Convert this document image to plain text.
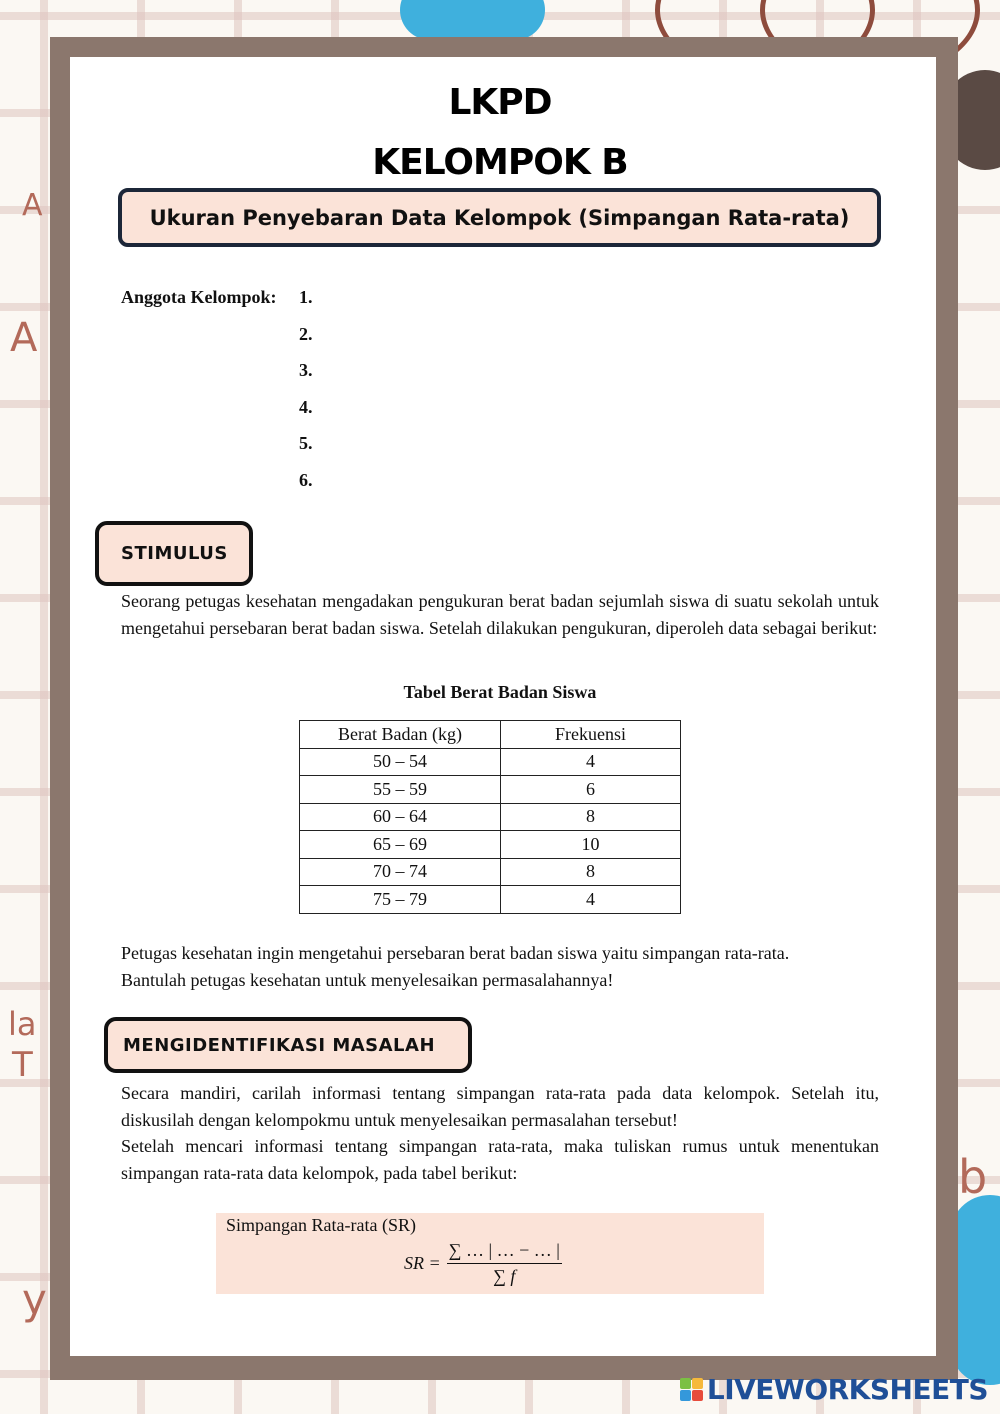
A
A
la
T
b
y
LKPD
KELOMPOK B
Ukuran Penyebaran Data Kelompok (Simpangan Rata-rata)
Anggota Kelompok: 1.
2.
3.
4.
5.
6.
STIMULUS
Seorang petugas kesehatan mengadakan pengukuran berat badan sejumlah siswa di suatu sekolah untuk mengetahui persebaran berat badan siswa. Setelah dilakukan pengukuran, diperoleh data sebagai berikut:
Tabel Berat Badan Siswa
Berat Badan (kg)	Frekuensi
50 – 54	4
55 – 59	6
60 – 64	8
65 – 69	10
70 – 74	8
75 – 79	4
Petugas kesehatan ingin mengetahui persebaran berat badan siswa yaitu simpangan rata-rata.
Bantulah petugas kesehatan untuk menyelesaikan permasalahannya!
MENGIDENTIFIKASI MASALAH
Secara mandiri, carilah informasi tentang simpangan rata-rata pada data kelompok. Setelah itu, diskusilah dengan kelompokmu untuk menyelesaikan permasalahan tersebut!
Setelah mencari informasi tentang simpangan rata-rata, maka tuliskan rumus untuk menentukan simpangan rata-rata data kelompok, pada tabel berikut:
Simpangan Rata-rata (SR)
SR = $\frac{\sum \dots | \dots - \dots |}{\sum f}$
LIVEWORKSHEETS
